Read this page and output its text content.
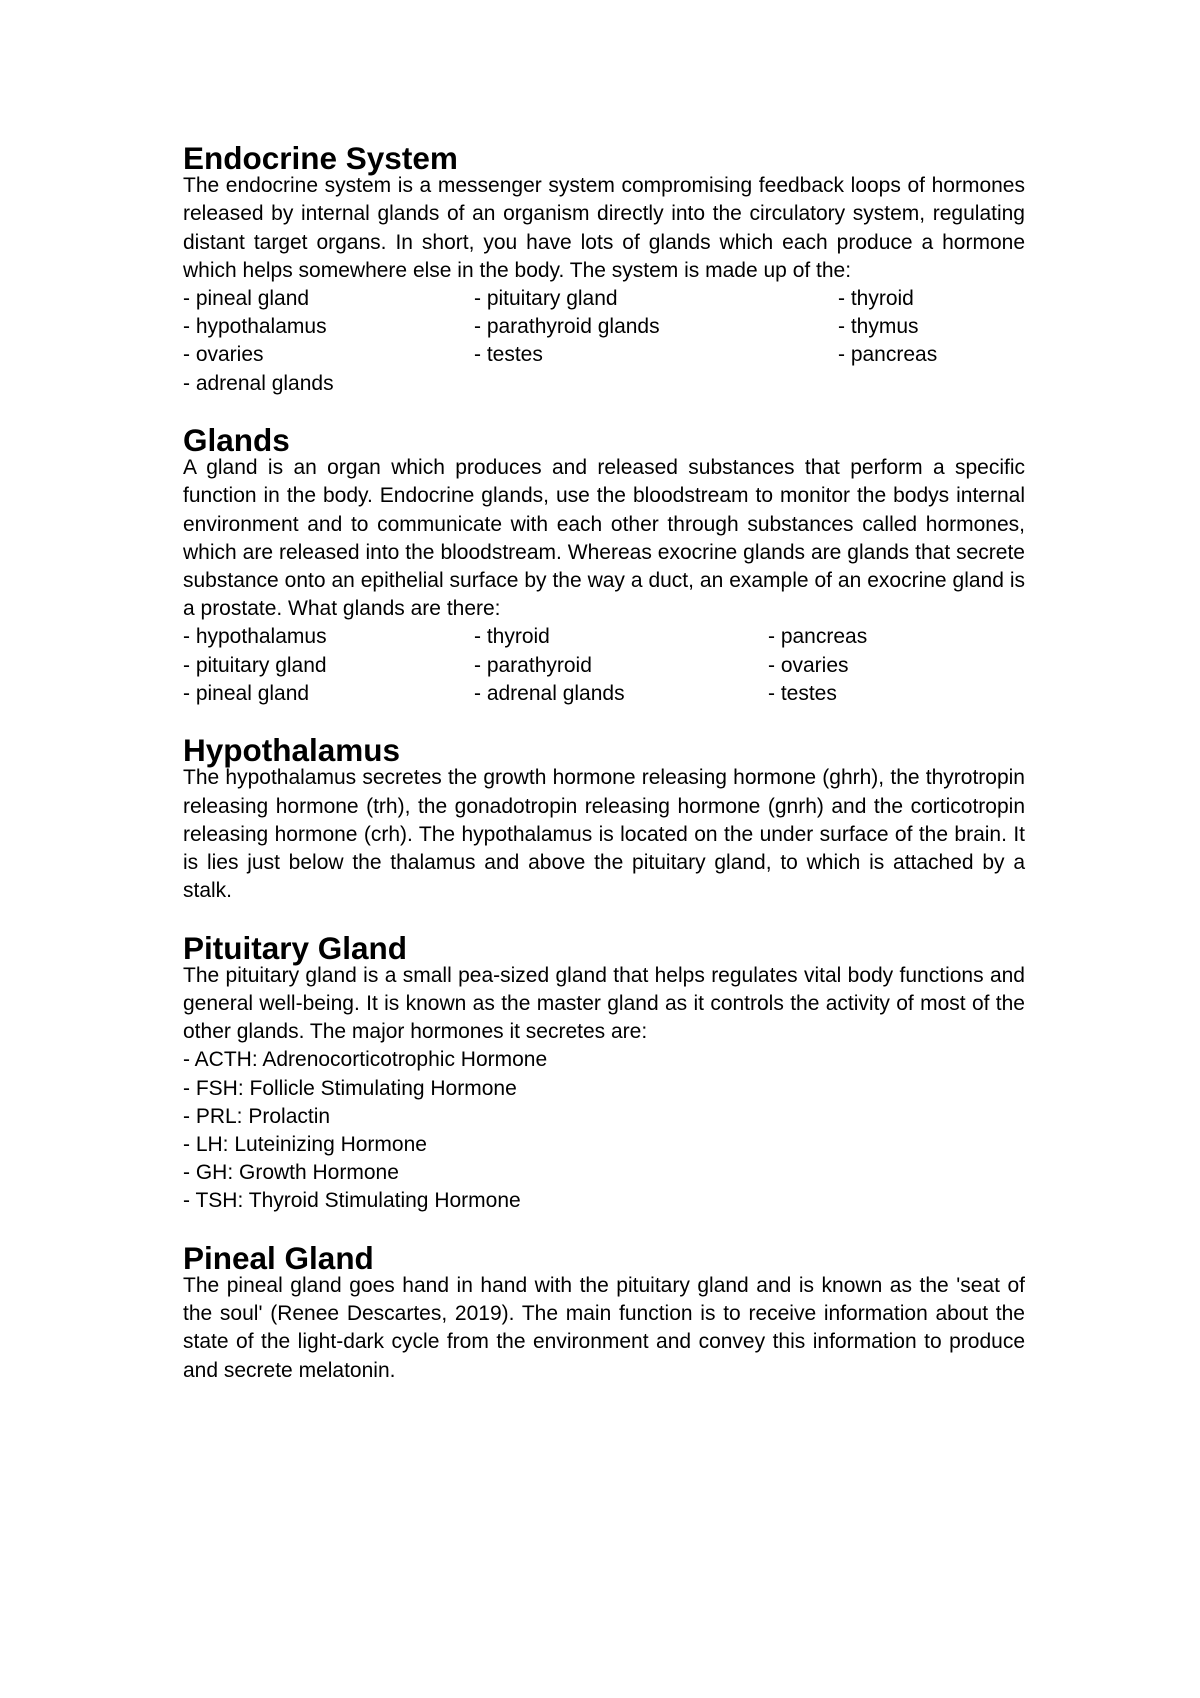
Endocrine System

The endocrine system is a messenger system compromising feedback loops of hormones released by internal glands of an organism directly into the circulatory system, regulating distant target organs. In short, you have lots of glands which each produce a hormone which helps somewhere else in the body. The system is made up of the:

- pineal gland	- pituitary gland	- thyroid
- hypothalamus	- parathyroid glands	- thymus
- ovaries	- testes	- pancreas
- adrenal glands
Glands

A gland is an organ which produces and released substances that perform a specific function in the body. Endocrine glands, use the bloodstream to monitor the bodys internal environment and to communicate with each other through substances called hormones, which are released into the bloodstream. Whereas exocrine glands are glands that secrete substance onto an epithelial surface by the way a duct, an example of an exocrine gland is a prostate. What glands are there:

- hypothalamus	- thyroid	- pancreas
- pituitary gland	- parathyroid	- ovaries
- pineal gland	- adrenal glands	- testes
Hypothalamus

The hypothalamus secretes the growth hormone releasing hormone (ghrh), the thyrotropin releasing hormone (trh), the gonadotropin releasing hormone (gnrh) and the corticotropin releasing hormone (crh). The hypothalamus is located on the under surface of the brain. It is lies just below the thalamus and above the pituitary gland, to which is attached by a stalk.

Pituitary Gland

The pituitary gland is a small pea-sized gland that helps regulates vital body functions and general well-being. It is known as the master gland as it controls the activity of most of the other glands. The major hormones it secretes are:

- ACTH: Adrenocorticotrophic Hormone
- FSH: Follicle Stimulating Hormone
- PRL: Prolactin
- LH: Luteinizing Hormone
- GH: Growth Hormone
- TSH: Thyroid Stimulating Hormone
Pineal Gland

The pineal gland goes hand in hand with the pituitary gland and is known as the 'seat of the soul' (Renee Descartes, 2019). The main function is to receive information about the state of the light-dark cycle from the environment and convey this information to produce and secrete melatonin.
